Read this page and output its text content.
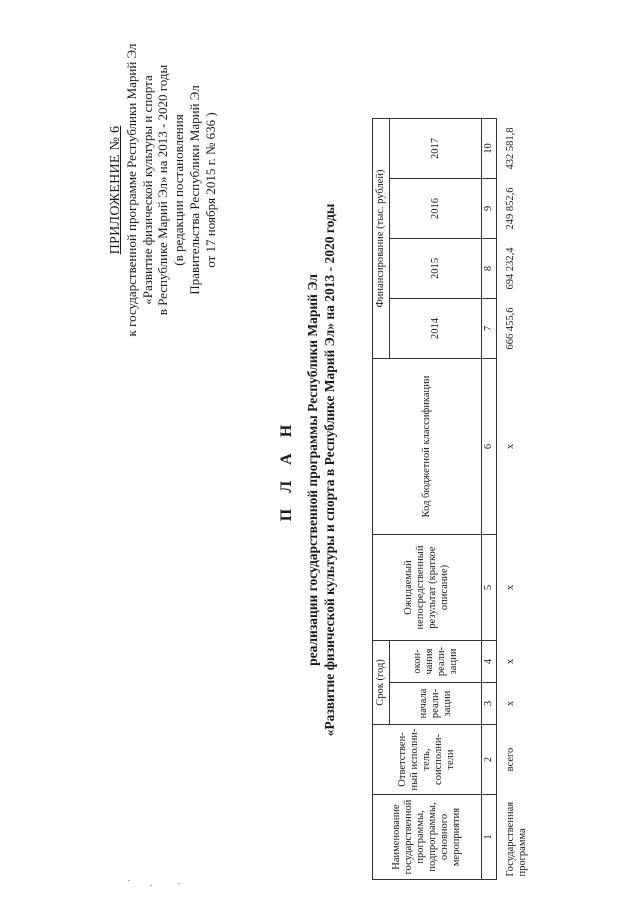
ПРИЛОЖЕНИЕ № 6 к государственной программе Республики Марий Эл «Развитие физической культуры и спорта в Республике Марий Эл» на 2013 - 2020 годы (в редакции постановления Правительства Республики Марий Эл от 17 ноября 2015 г. № 636 )
П Л А Н реализации государственной программы Республики Марий Эл «Развитие физической культуры и спорта в Республике Марий Эл» на 2013 - 2020 годы
Наименование государственной программы, подпрограммы, основного мероприятия	Ответствен-ный исполни-тель, соисполни-тели	Срок (год)		Ожидаемый непосредственный результат (краткое описание)	Код бюджетной классификации	Финансирование (тыс. рублей)			
		начала реали-зации	окон-чания реали-зации			2014	2015	2016	2017
1	2	3	4	5	6	7	8	9	10
Государственная программа	всего	x	x	x	x	666 455,6	694 232,4	249 852,6	432 581,8
